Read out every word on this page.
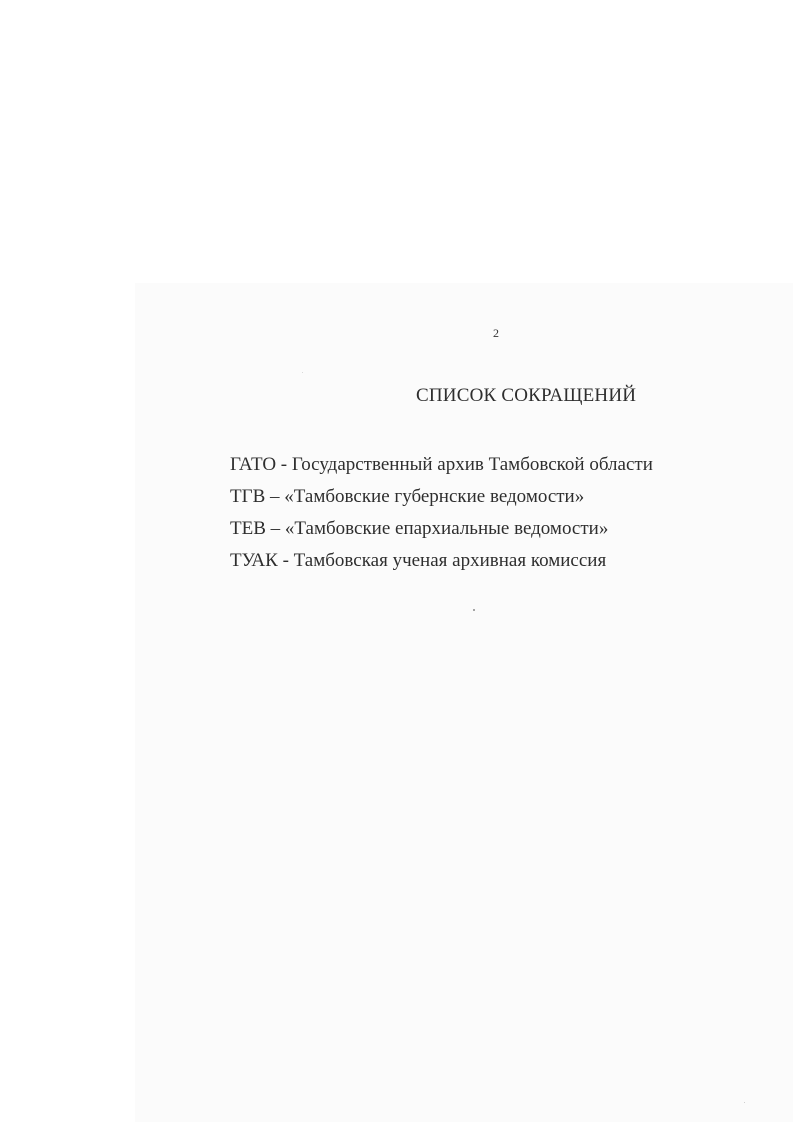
2
СПИСОК СОКРАЩЕНИЙ
ГАТО - Государственный архив Тамбовской области
ТГВ – «Тамбовские губернские ведомости»
ТЕВ – «Тамбовские епархиальные ведомости»
ТУАК - Тамбовская ученая архивная комиссия
